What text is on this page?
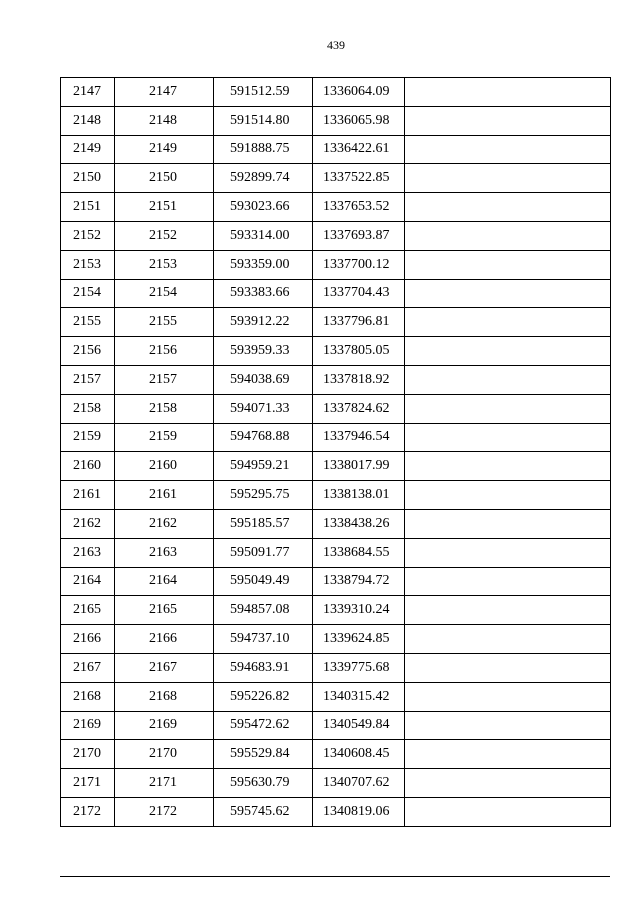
439
2147	2147	591512.59	1336064.09	
2148	2148	591514.80	1336065.98	
2149	2149	591888.75	1336422.61	
2150	2150	592899.74	1337522.85	
2151	2151	593023.66	1337653.52	
2152	2152	593314.00	1337693.87	
2153	2153	593359.00	1337700.12	
2154	2154	593383.66	1337704.43	
2155	2155	593912.22	1337796.81	
2156	2156	593959.33	1337805.05	
2157	2157	594038.69	1337818.92	
2158	2158	594071.33	1337824.62	
2159	2159	594768.88	1337946.54	
2160	2160	594959.21	1338017.99	
2161	2161	595295.75	1338138.01	
2162	2162	595185.57	1338438.26	
2163	2163	595091.77	1338684.55	
2164	2164	595049.49	1338794.72	
2165	2165	594857.08	1339310.24	
2166	2166	594737.10	1339624.85	
2167	2167	594683.91	1339775.68	
2168	2168	595226.82	1340315.42	
2169	2169	595472.62	1340549.84	
2170	2170	595529.84	1340608.45	
2171	2171	595630.79	1340707.62	
2172	2172	595745.62	1340819.06	
